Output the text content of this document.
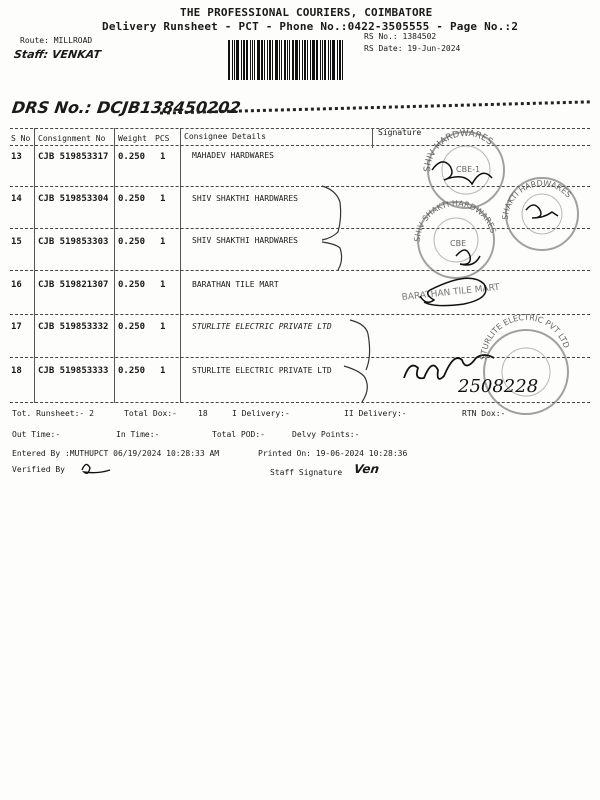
THE PROFESSIONAL COURIERS, COIMBATORE
Delivery Runsheet - PCT - Phone No.:0422-3505555 - Page No.:2
Route: MILLROAD
Staff: VENKAT
RS No.: 1384502
RS Date: 19-Jun-2024
DRS No.: DCJB138450202
S No Consignment No Weight PCS Consignee Details	Signature
13 CJB 519853317 0.250 1	MAHADEV HARDWARES
14 CJB 519853304 0.250 1	SHIV SHAKTHI HARDWARES
15 CJB 519853303 0.250 1	SHIV SHAKTHI HARDWARES
16 CJB 519821307 0.250 1	BARATHAN TILE MART
17 CJB 519853332 0.250 1	STURLITE ELECTRIC PRIVATE LTD
18 CJB 519853333 0.250 1	STURLITE ELECTRIC PRIVATE LTD
SHIV HARDWARES
CBE-1
SHIV SHAKTI HARDWARES
CBE
SHAKTI HARDWARES
BARATHAN TILE MART
STURLITE ELECTRIC PVT LTD
2508228
Tot. Runsheet:- 2	Total Dox:-	18	I Delivery:-	II Delivery:-	RTN Dox:-
Out Time:-	In Time:-	Total POD:-	Delvy Points:-
Entered By :MUTHUPCT 06/19/2024 10:28:33 AM	Printed On: 19-06-2024 10:28:36
Verified By	Staff Signature Ven
